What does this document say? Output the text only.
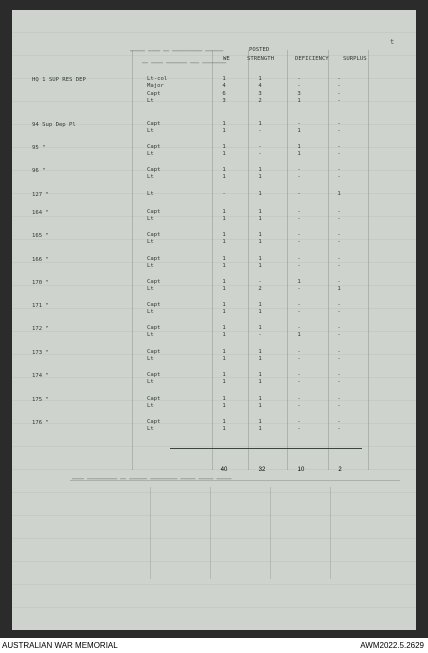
▬▬▬▬▬ ▬▬▬▬ ▬▬ ▬▬▬▬▬▬▬▬▬▬ ▬▬▬▬▬▬
▬▬ ▬▬▬▬ ▬▬▬▬▬▬▬ ▬▬▬ ▬▬▬▬▬▬▬▬
▬▬▬▬ ▬▬▬▬▬▬▬▬▬▬ ▬▬ ▬▬▬▬▬▬ ▬▬▬▬▬▬▬▬▬ ▬▬▬▬▬ ▬▬▬▬▬ ▬▬▬▬▬
t
POSTED
WE	STRENGTH	DEFICIENCY	SURPLUS
HQ 1 SUP RES DEP	Lt-col	1	1	-	-
Major	4	4	-	-
Capt	6	3	3	-
Lt	3	2	1	-
94 Sup Dep Pl	Capt	1	1	-	-
Lt	1	-	1	-
95 "	Capt	1	-	1	-
Lt	1	-	1	-
96 "	Capt	1	1	-	-
Lt	1	1	-	-
127 "	Lt	-	1	-	1
164 "	Capt	1	1	-	-
Lt	1	1	-	-
165 "	Capt	1	1	-	-
Lt	1	1	-	-
166 "	Capt	1	1	-	-
Lt	1	1	-	-
170 "	Capt	1	-	1	-
Lt	1	2	-	1
171 "	Capt	1	1	-	-
Lt	1	1	-	-
172 "	Capt	1	1	-	-
Lt	1	-	1	-
173 "	Capt	1	1	-	-
Lt	1	1	-	-
174 "	Capt	1	1	-	-
Lt	1	1	-	-
175 "	Capt	1	1	-	-
Lt	1	1	-	-
176 "	Capt	1	1	-	-
Lt	1	1	-	-
40	32	10	2
AUSTRALIAN WAR MEMORIAL	AWM2022.5.2629
